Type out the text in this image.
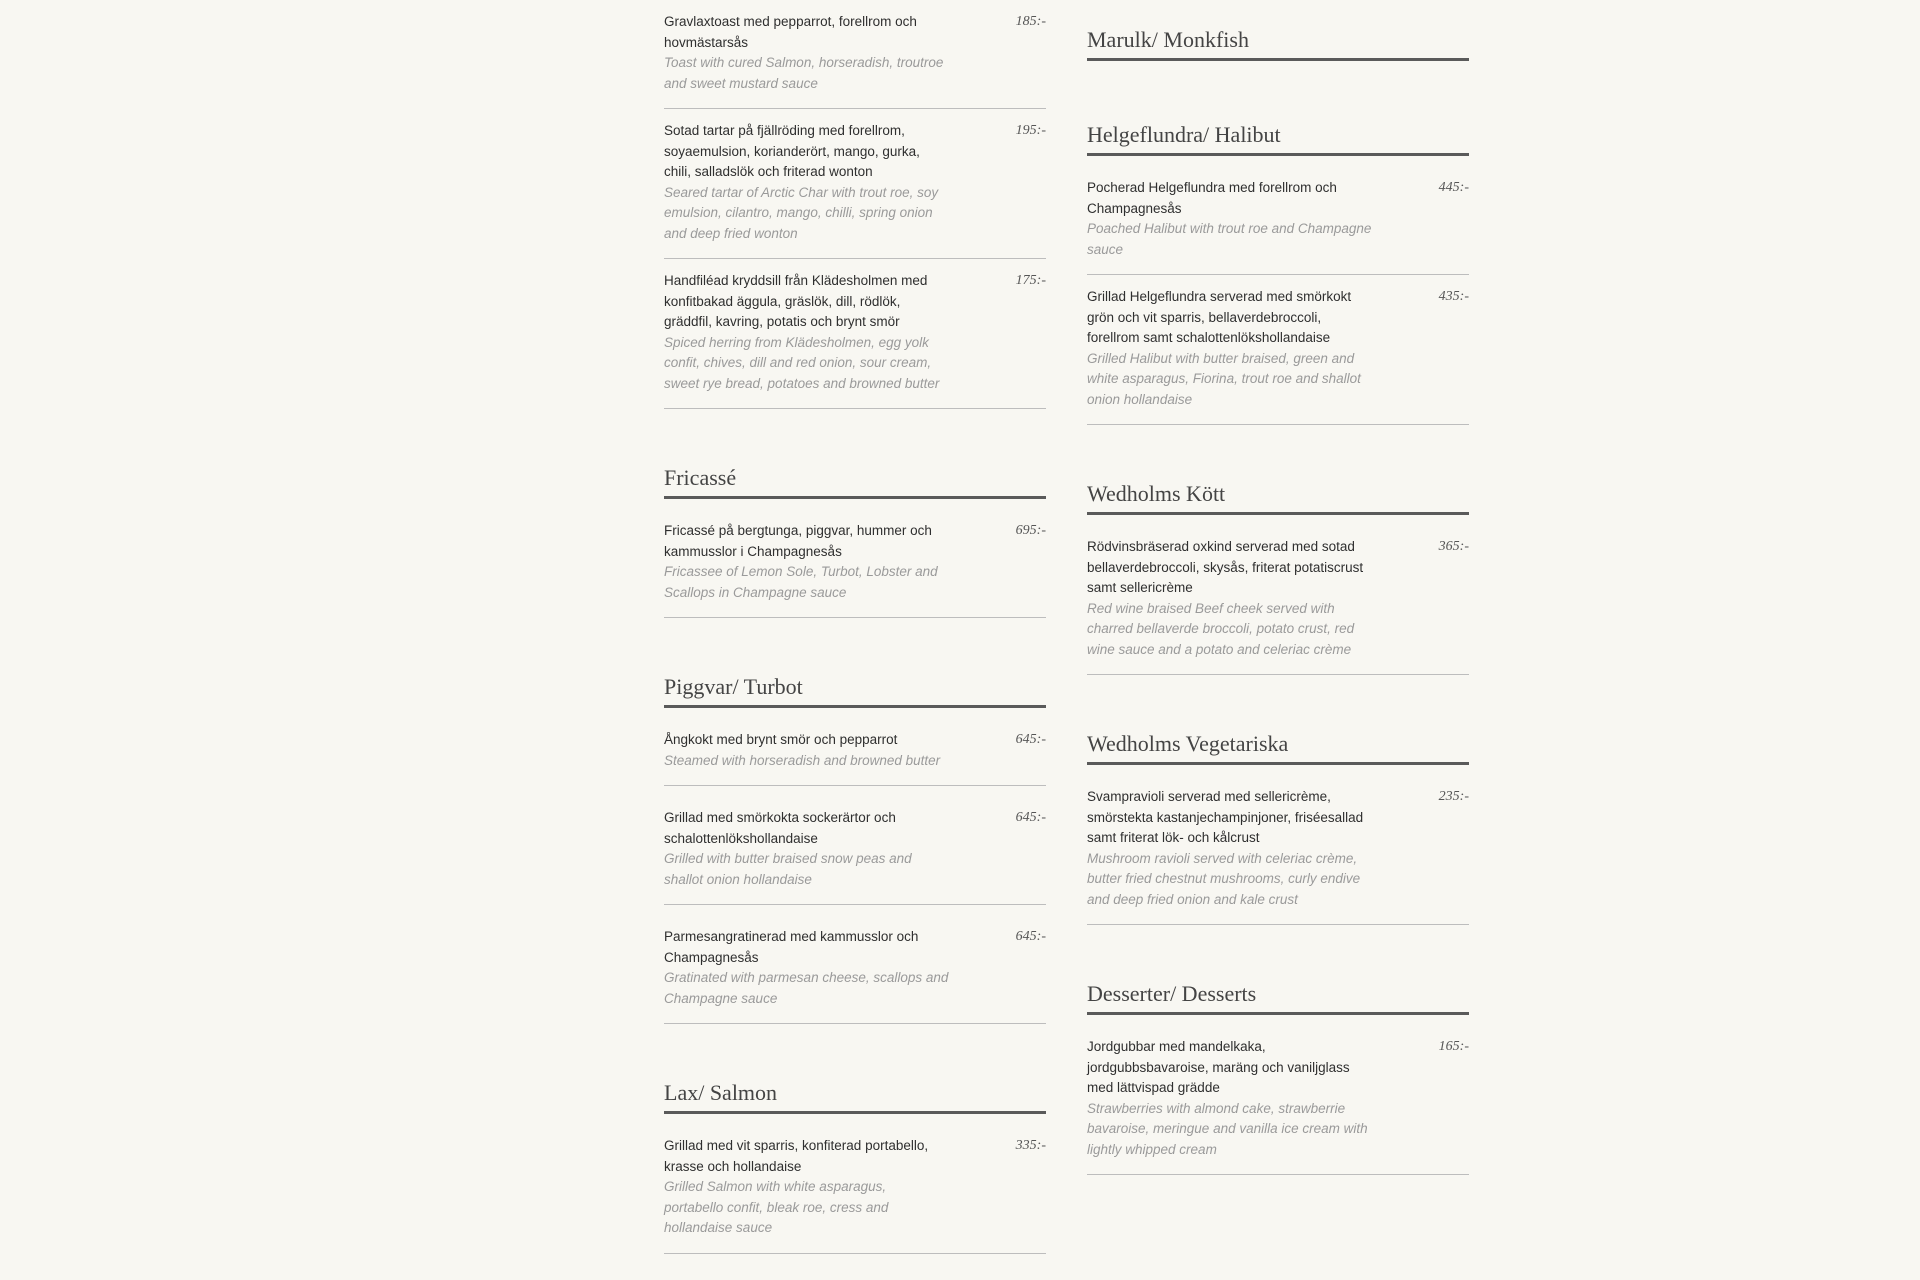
Gravlaxtoast med pepparrot, forellrom och hovmästarsås
Toast with cured Salmon, horseradish, troutroe and sweet mustard sauce
185:-
Sotad tartar på fjällröding med forellrom, soyaemulsion, korianderört, mango, gurka, chili, salladslök och friterad wonton
Seared tartar of Arctic Char with trout roe, soy emulsion, cilantro, mango, chilli, spring onion and deep fried wonton
195:-
Handfiléad kryddsill från Klädesholmen med konfitbakad äggula, gräslök, dill, rödlök, gräddfil, kavring, potatis och brynt smör
Spiced herring from Klädesholmen, egg yolk confit, chives, dill and red onion, sour cream, sweet rye bread, potatoes and browned butter
175:-
Fricassé
Fricassé på bergtunga, piggvar, hummer och kammusslor i Champagnesås
Fricassee of Lemon Sole, Turbot, Lobster and Scallops in Champagne sauce
695:-
Piggvar/ Turbot
Ångkokt med brynt smör och pepparrot
Steamed with horseradish and browned butter
645:-
Grillad med smörkokta sockerärtor och schalottenlökshollandaise
Grilled with butter braised snow peas and shallot onion hollandaise
645:-
Parmesangratinerad med kammusslor och Champagnesås
Gratinated with parmesan cheese, scallops and Champagne sauce
645:-
Lax/ Salmon
Grillad med vit sparris, konfiterad portabello, krasse och hollandaise
Grilled Salmon with white asparagus, portabello confit, bleak roe, cress and hollandaise sauce
335:-
Marulk/ Monkfish
Helgeflundra/ Halibut
Pocherad Helgeflundra med forellrom och Champagnesås
Poached Halibut with trout roe and Champagne sauce
445:-
Grillad Helgeflundra serverad med smörkokt grön och vit sparris, bellaverdebroccoli, forellrom samt schalottenlökshollandaise
Grilled Halibut with butter braised, green and white asparagus, Fiorina, trout roe and shallot onion hollandaise
435:-
Wedholms Kött
Rödvinsbräserad oxkind serverad med sotad bellaverdebroccoli, skysås, friterat potatiscrust samt sellericrème
Red wine braised Beef cheek served with charred bellaverde broccoli, potato crust, red wine sauce and a potato and celeriac crème
365:-
Wedholms Vegetariska
Svampravioli serverad med sellericrème, smörstekta kastanjechampinjoner, friséesallad samt friterat lök- och kålcrust
Mushroom ravioli served with celeriac crème, butter fried chestnut mushrooms, curly endive and deep fried onion and kale crust
235:-
Desserter/ Desserts
Jordgubbar med mandelkaka, jordgubbsbavaroise, maräng och vaniljglass med lättvispad grädde
Strawberries with almond cake, strawberrie bavaroise, meringue and vanilla ice cream with lightly whipped cream
165:-
